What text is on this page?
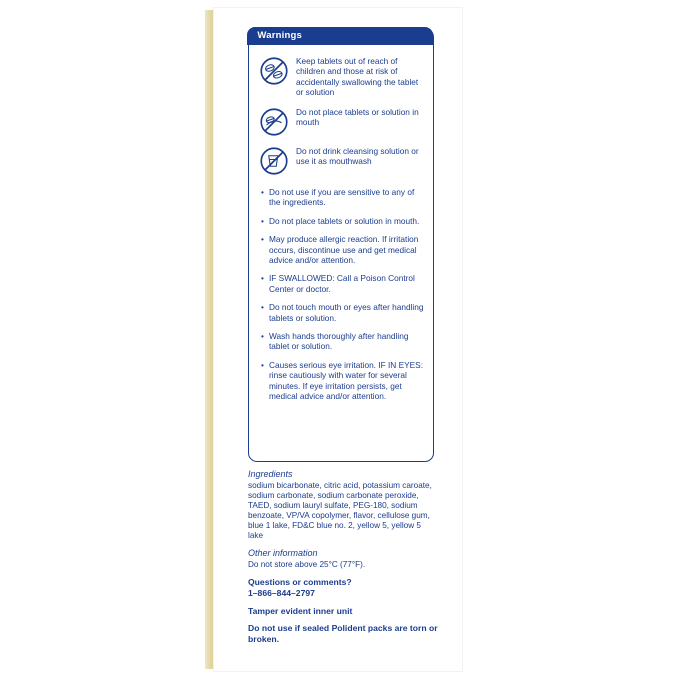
Warnings
Keep tablets out of reach of children and those at risk of accidentally swallowing the tablet or solution
Do not place tablets or solution in mouth
Do not drink cleansing solution or use it as mouthwash
• Do not use if you are sensitive to any of the ingredients.
• Do not place tablets or solution in mouth.
• May produce allergic reaction. If irritation occurs, discontinue use and get medical advice and/or attention.
• IF SWALLOWED: Call a Poison Control Center or doctor.
• Do not touch mouth or eyes after handling tablets or solution.
• Wash hands thoroughly after handling tablet or solution.
• Causes serious eye irritation. IF IN EYES: rinse cautiously with water for several minutes. If eye irritation persists, get medical advice and/or attention.
Ingredients
sodium bicarbonate, citric acid, potassium caroate, sodium carbonate, sodium carbonate peroxide, TAED, sodium lauryl sulfate, PEG-180, sodium benzoate, VP/VA copolymer, flavor, cellulose gum, blue 1 lake, FD&C blue no. 2, yellow 5, yellow 5 lake
Other information
Do not store above 25°C (77°F).
Questions or comments?
1–866–844–2797
Tamper evident inner unit
Do not use if sealed Polident packs are torn or broken.
